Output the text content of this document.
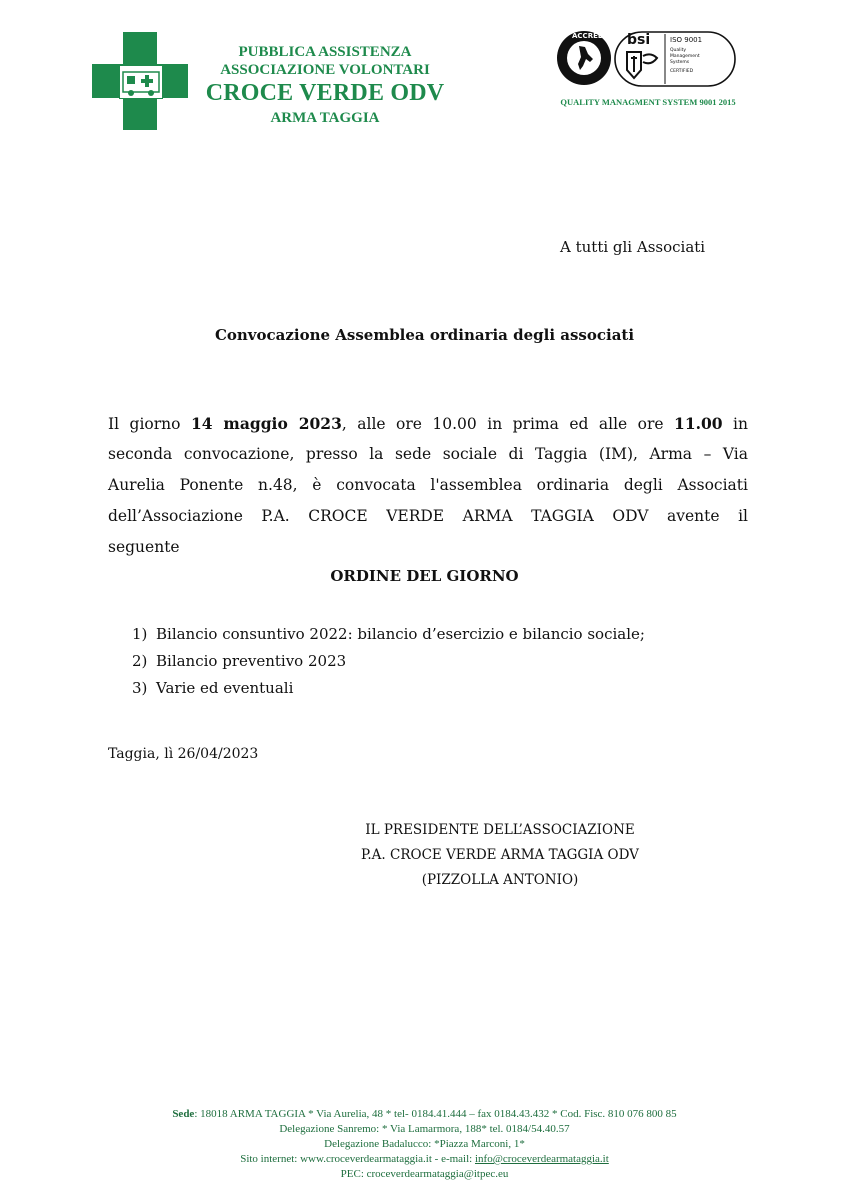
PUBBLICA ASSISTENZA
ASSOCIAZIONE VOLONTARI
CROCE VERDE ODV
ARMA TAGGIA
ACCREDIA bsi	ISO 9001
Quality
Management
Systems
CERTIFIED
QUALITY MANAGMENT SYSTEM 9001 2015
A tutti gli Associati
Convocazione Assemblea ordinaria degli associati
Il giorno 14 maggio 2023, alle ore 10.00 in prima ed alle ore 11.00 in
seconda convocazione, presso la sede sociale di Taggia (IM), Arma – Via
Aurelia Ponente n.48, è convocata l'assemblea ordinaria degli Associati
dell’Associazione P.A. CROCE VERDE ARMA TAGGIA ODV avente il
seguente
ORDINE DEL GIORNO
1) Bilancio consuntivo 2022: bilancio d’esercizio e bilancio sociale;
2) Bilancio preventivo 2023
3) Varie ed eventuali
Taggia, lì 26/04/2023
IL PRESIDENTE DELL’ASSOCIAZIONE
P.A. CROCE VERDE ARMA TAGGIA ODV
(PIZZOLLA ANTONIO)
Sede: 18018 ARMA TAGGIA * Via Aurelia, 48 * tel- 0184.41.444 – fax 0184.43.432 * Cod. Fisc. 810 076 800 85
Delegazione Sanremo: * Via Lamarmora, 188* tel. 0184/54.40.57
Delegazione Badalucco: *Piazza Marconi, 1*
Sito internet: www.croceverdearmataggia.it - e-mail: info@croceverdearmataggia.it
PEC: croceverdearmataggia@itpec.eu
